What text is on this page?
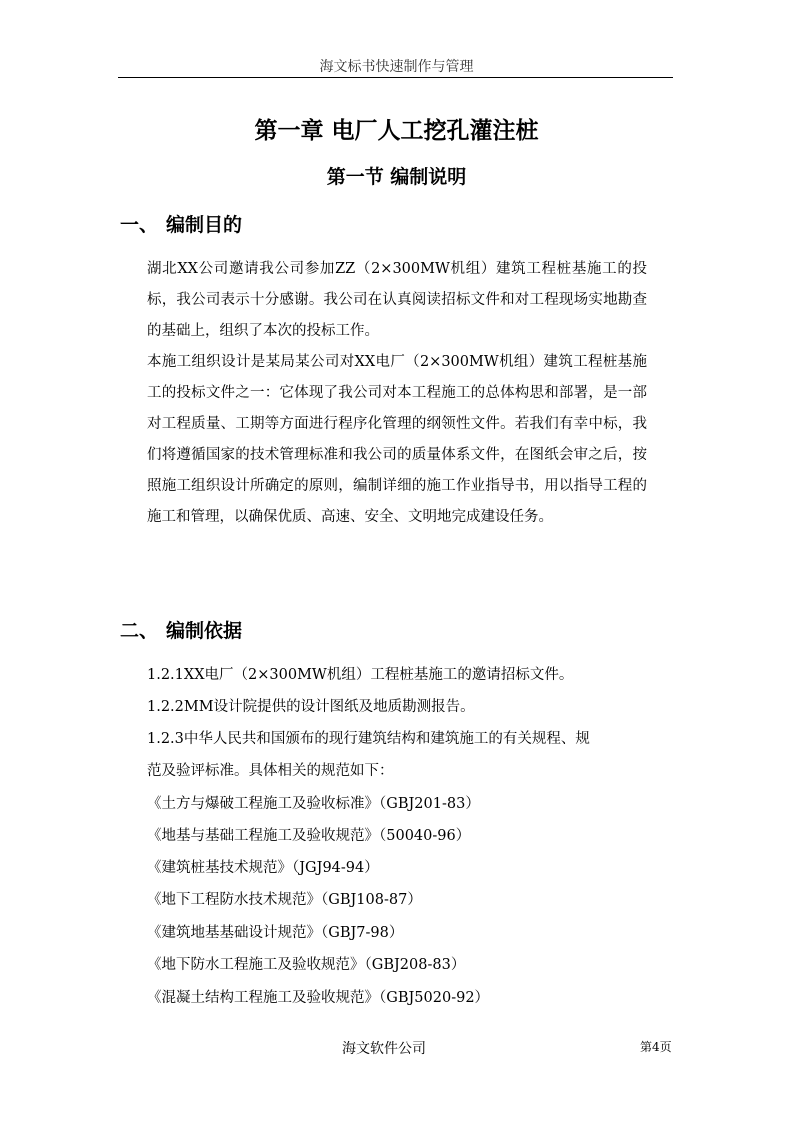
海文标书快速制作与管理
第一章 电厂人工挖孔灌注桩
第一节 编制说明
一、 编制目的
湖北XX公司邀请我公司参加ZZ（2×300MW机组）建筑工程桩基施工的投标，我公司表示十分感谢。我公司在认真阅读招标文件和对工程现场实地勘查的基础上，组织了本次的投标工作。
本施工组织设计是某局某公司对XX电厂（2×300MW机组）建筑工程桩基施工的投标文件之一：它体现了我公司对本工程施工的总体构思和部署，是一部对工程质量、工期等方面进行程序化管理的纲领性文件。若我们有幸中标，我们将遵循国家的技术管理标准和我公司的质量体系文件，在图纸会审之后，按照施工组织设计所确定的原则，编制详细的施工作业指导书，用以指导工程的施工和管理，以确保优质、高速、安全、文明地完成建设任务。
二、 编制依据
1.2.1XX电厂（2×300MW机组）工程桩基施工的邀请招标文件。
1.2.2MM设计院提供的设计图纸及地质勘测报告。
1.2.3中华人民共和国颁布的现行建筑结构和建筑施工的有关规程、规
范及验评标准。具体相关的规范如下：
《土方与爆破工程施工及验收标准》（GBJ201-83）
《地基与基础工程施工及验收规范》（50040-96）
《建筑桩基技术规范》（JGJ94-94）
《地下工程防水技术规范》（GBJ108-87）
《建筑地基基础设计规范》（GBJ7-98）
《地下防水工程施工及验收规范》（GBJ208-83）
《混凝土结构工程施工及验收规范》（GBJ5020-92）
海文软件公司	第4页
